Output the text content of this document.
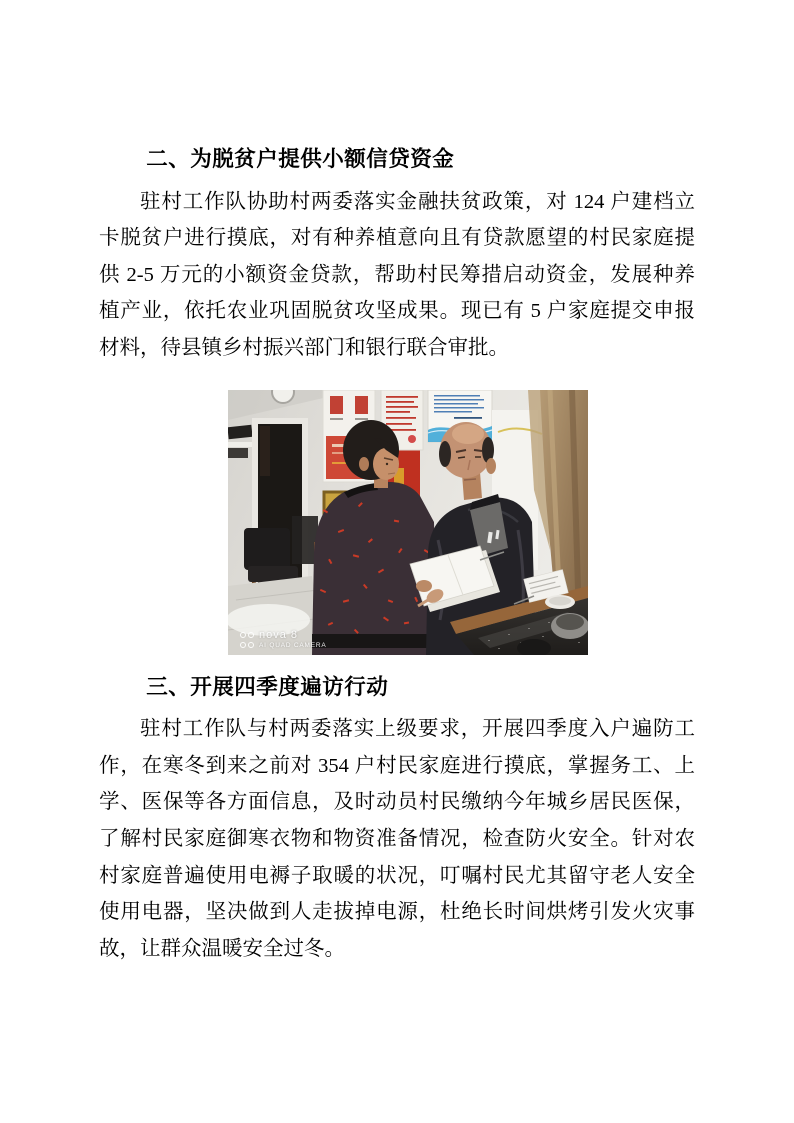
二、为脱贫户提供小额信贷资金
驻村工作队协助村两委落实金融扶贫政策，对 124 户建档立
卡脱贫户进行摸底，对有种养植意向且有贷款愿望的村民家庭提
供 2-5 万元的小额资金贷款，帮助村民筹措启动资金，发展种养
植产业，依托农业巩固脱贫攻坚成果。现已有 5 户家庭提交申报
材料，待县镇乡村振兴部门和银行联合审批。
nova 8
AI QUAD CAMERA
三、开展四季度遍访行动
驻村工作队与村两委落实上级要求，开展四季度入户遍防工
作，在寒冬到来之前对 354 户村民家庭进行摸底，掌握务工、上
学、医保等各方面信息，及时动员村民缴纳今年城乡居民医保，
了解村民家庭御寒衣物和物资准备情况，检查防火安全。针对农
村家庭普遍使用电褥子取暖的状况，叮嘱村民尤其留守老人安全
使用电器，坚决做到人走拔掉电源，杜绝长时间烘烤引发火灾事
故，让群众温暖安全过冬。
